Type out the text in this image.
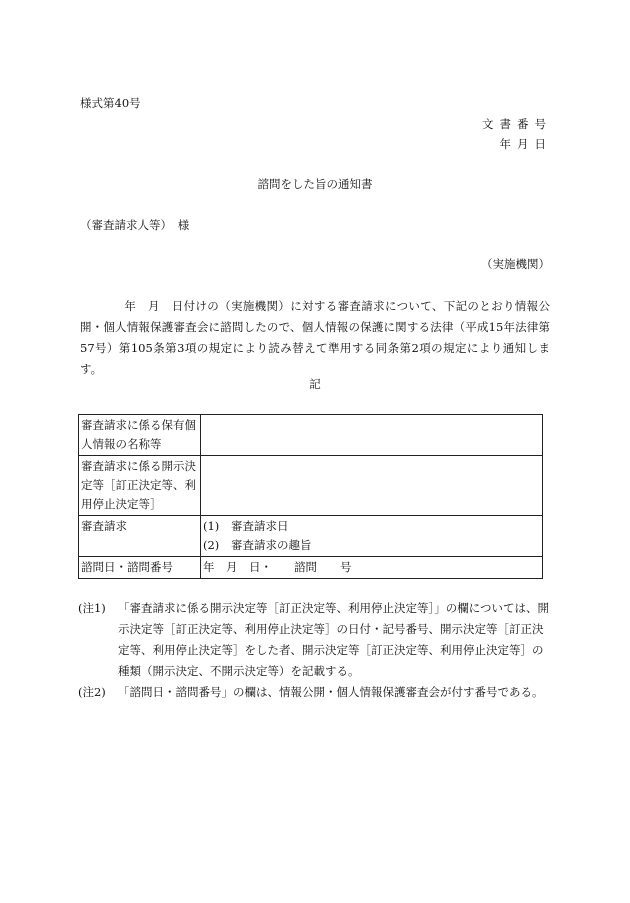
様式第40号
文書番号
年月日
諮問をした旨の通知書
（審査請求人等）　様
（実施機関）
年　月　日付けの（実施機関）に対する審査請求について、下記のとおり情報公開・個人情報保護審査会に諮問したので、個人情報の保護に関する法律（平成15年法律第57号）第105条第3項の規定により読み替えて準用する同条第2項の規定により通知します。
記
審査請求に係る保有個人情報の名称等	
審査請求に係る開示決定等［訂正決定等、利用停止決定等］	
審査請求	(1) 審査請求日
(2) 審査請求の趣旨

諮問日・諮問番号	年　月　日・ 諮問　　号
(注1)	「審査請求に係る開示決定等［訂正決定等、利用停止決定等］」の欄については、開示決定等［訂正決定等、利用停止決定等］の日付・記号番号、開示決定等［訂正決定等、利用停止決定等］をした者、開示決定等［訂正決定等、利用停止決定等］の種類（開示決定、不開示決定等）を記載する。
(注2)	「諮問日・諮問番号」の欄は、情報公開・個人情報保護審査会が付す番号である。
